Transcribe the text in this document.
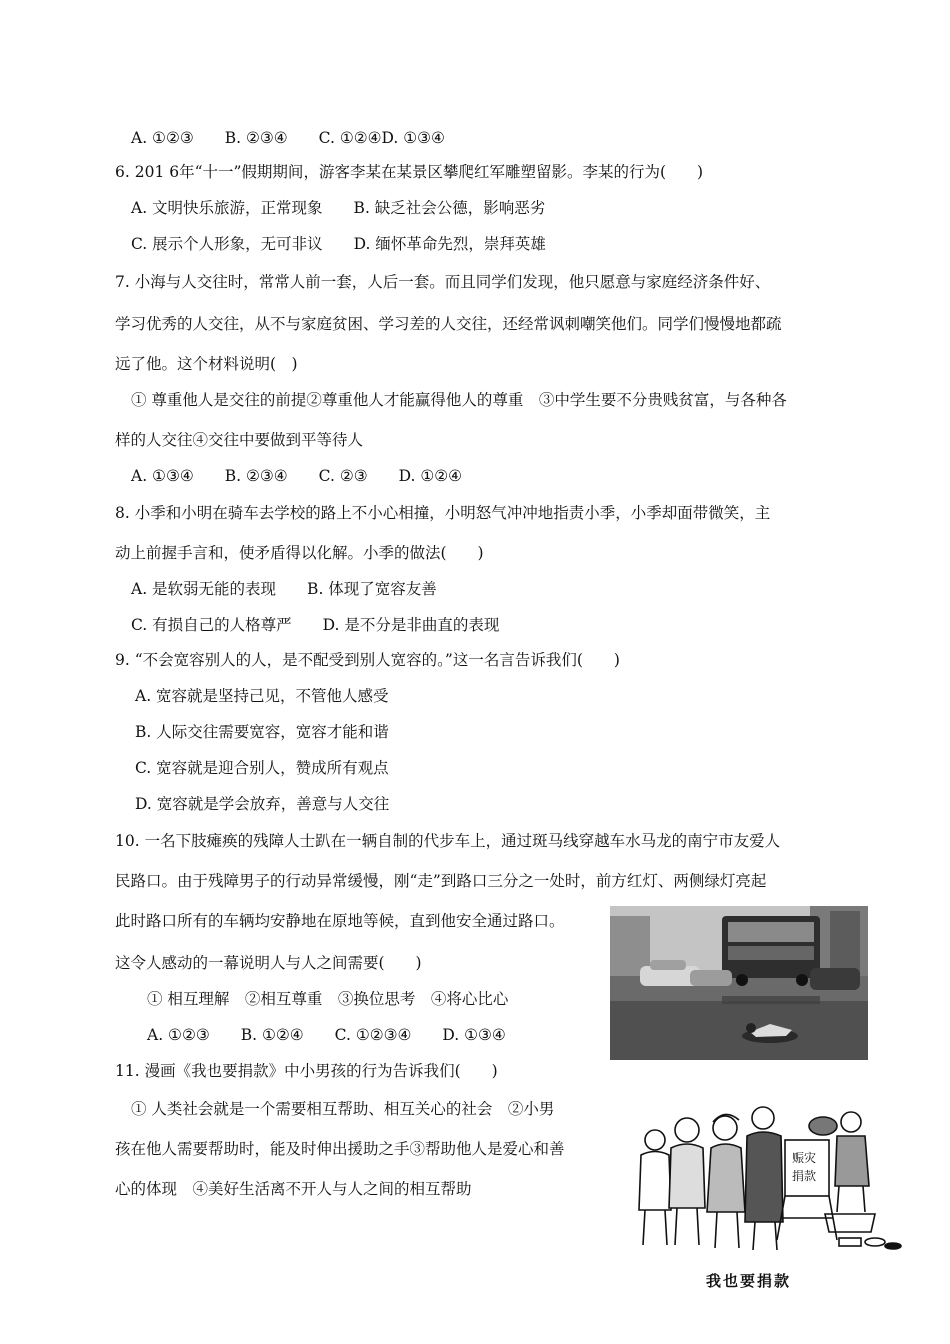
A. ①②③　　B. ②③④　　C. ①②④D. ①③④
6. 201 6年“十一”假期期间，游客李某在某景区攀爬红军雕塑留影。李某的行为(　　)
A. 文明快乐旅游，正常现象　　B. 缺乏社会公德，影响恶劣
C. 展示个人形象，无可非议　　D. 缅怀革命先烈，崇拜英雄
7. 小海与人交往时，常常人前一套，人后一套。而且同学们发现，他只愿意与家庭经济条件好、
学习优秀的人交往，从不与家庭贫困、学习差的人交往，还经常讽刺嘲笑他们。同学们慢慢地都疏
远了他。这个材料说明(　)
① 尊重他人是交往的前提②尊重他人才能赢得他人的尊重　③中学生要不分贵贱贫富，与各种各
样的人交往④交往中要做到平等待人
A. ①③④　　B. ②③④　　C. ②③　　D. ①②④
8. 小季和小明在骑车去学校的路上不小心相撞，小明怒气冲冲地指责小季，小季却面带微笑，主
动上前握手言和，使矛盾得以化解。小季的做法(　　)
A. 是软弱无能的表现　　B. 体现了宽容友善
C. 有损自己的人格尊严　　D. 是不分是非曲直的表现
9. “不会宽容别人的人，是不配受到别人宽容的。”这一名言告诉我们(　　)
A. 宽容就是坚持己见，不管他人感受
B. 人际交往需要宽容，宽容才能和谐
C. 宽容就是迎合别人，赞成所有观点
D. 宽容就是学会放弃，善意与人交往
10. 一名下肢瘫痪的残障人士趴在一辆自制的代步车上，通过斑马线穿越车水马龙的南宁市友爱人
民路口。由于残障男子的行动异常缓慢，刚“走”到路口三分之一处时，前方红灯、两侧绿灯亮起
此时路口所有的车辆均安静地在原地等候，直到他安全通过路口。
这令人感动的一幕说明人与人之间需要(　　)
① 相互理解　②相互尊重　③换位思考　④将心比心
A. ①②③　　B. ①②④　　C. ①②③④　　D. ①③④
11. 漫画《我也要捐款》中小男孩的行为告诉我们(　　)
① 人类社会就是一个需要相互帮助、相互关心的社会　②小男
孩在他人需要帮助时，能及时伸出援助之手③帮助他人是爱心和善
心的体现　④美好生活离不开人与人之间的相互帮助
赈灾
捐款
我也要捐款
